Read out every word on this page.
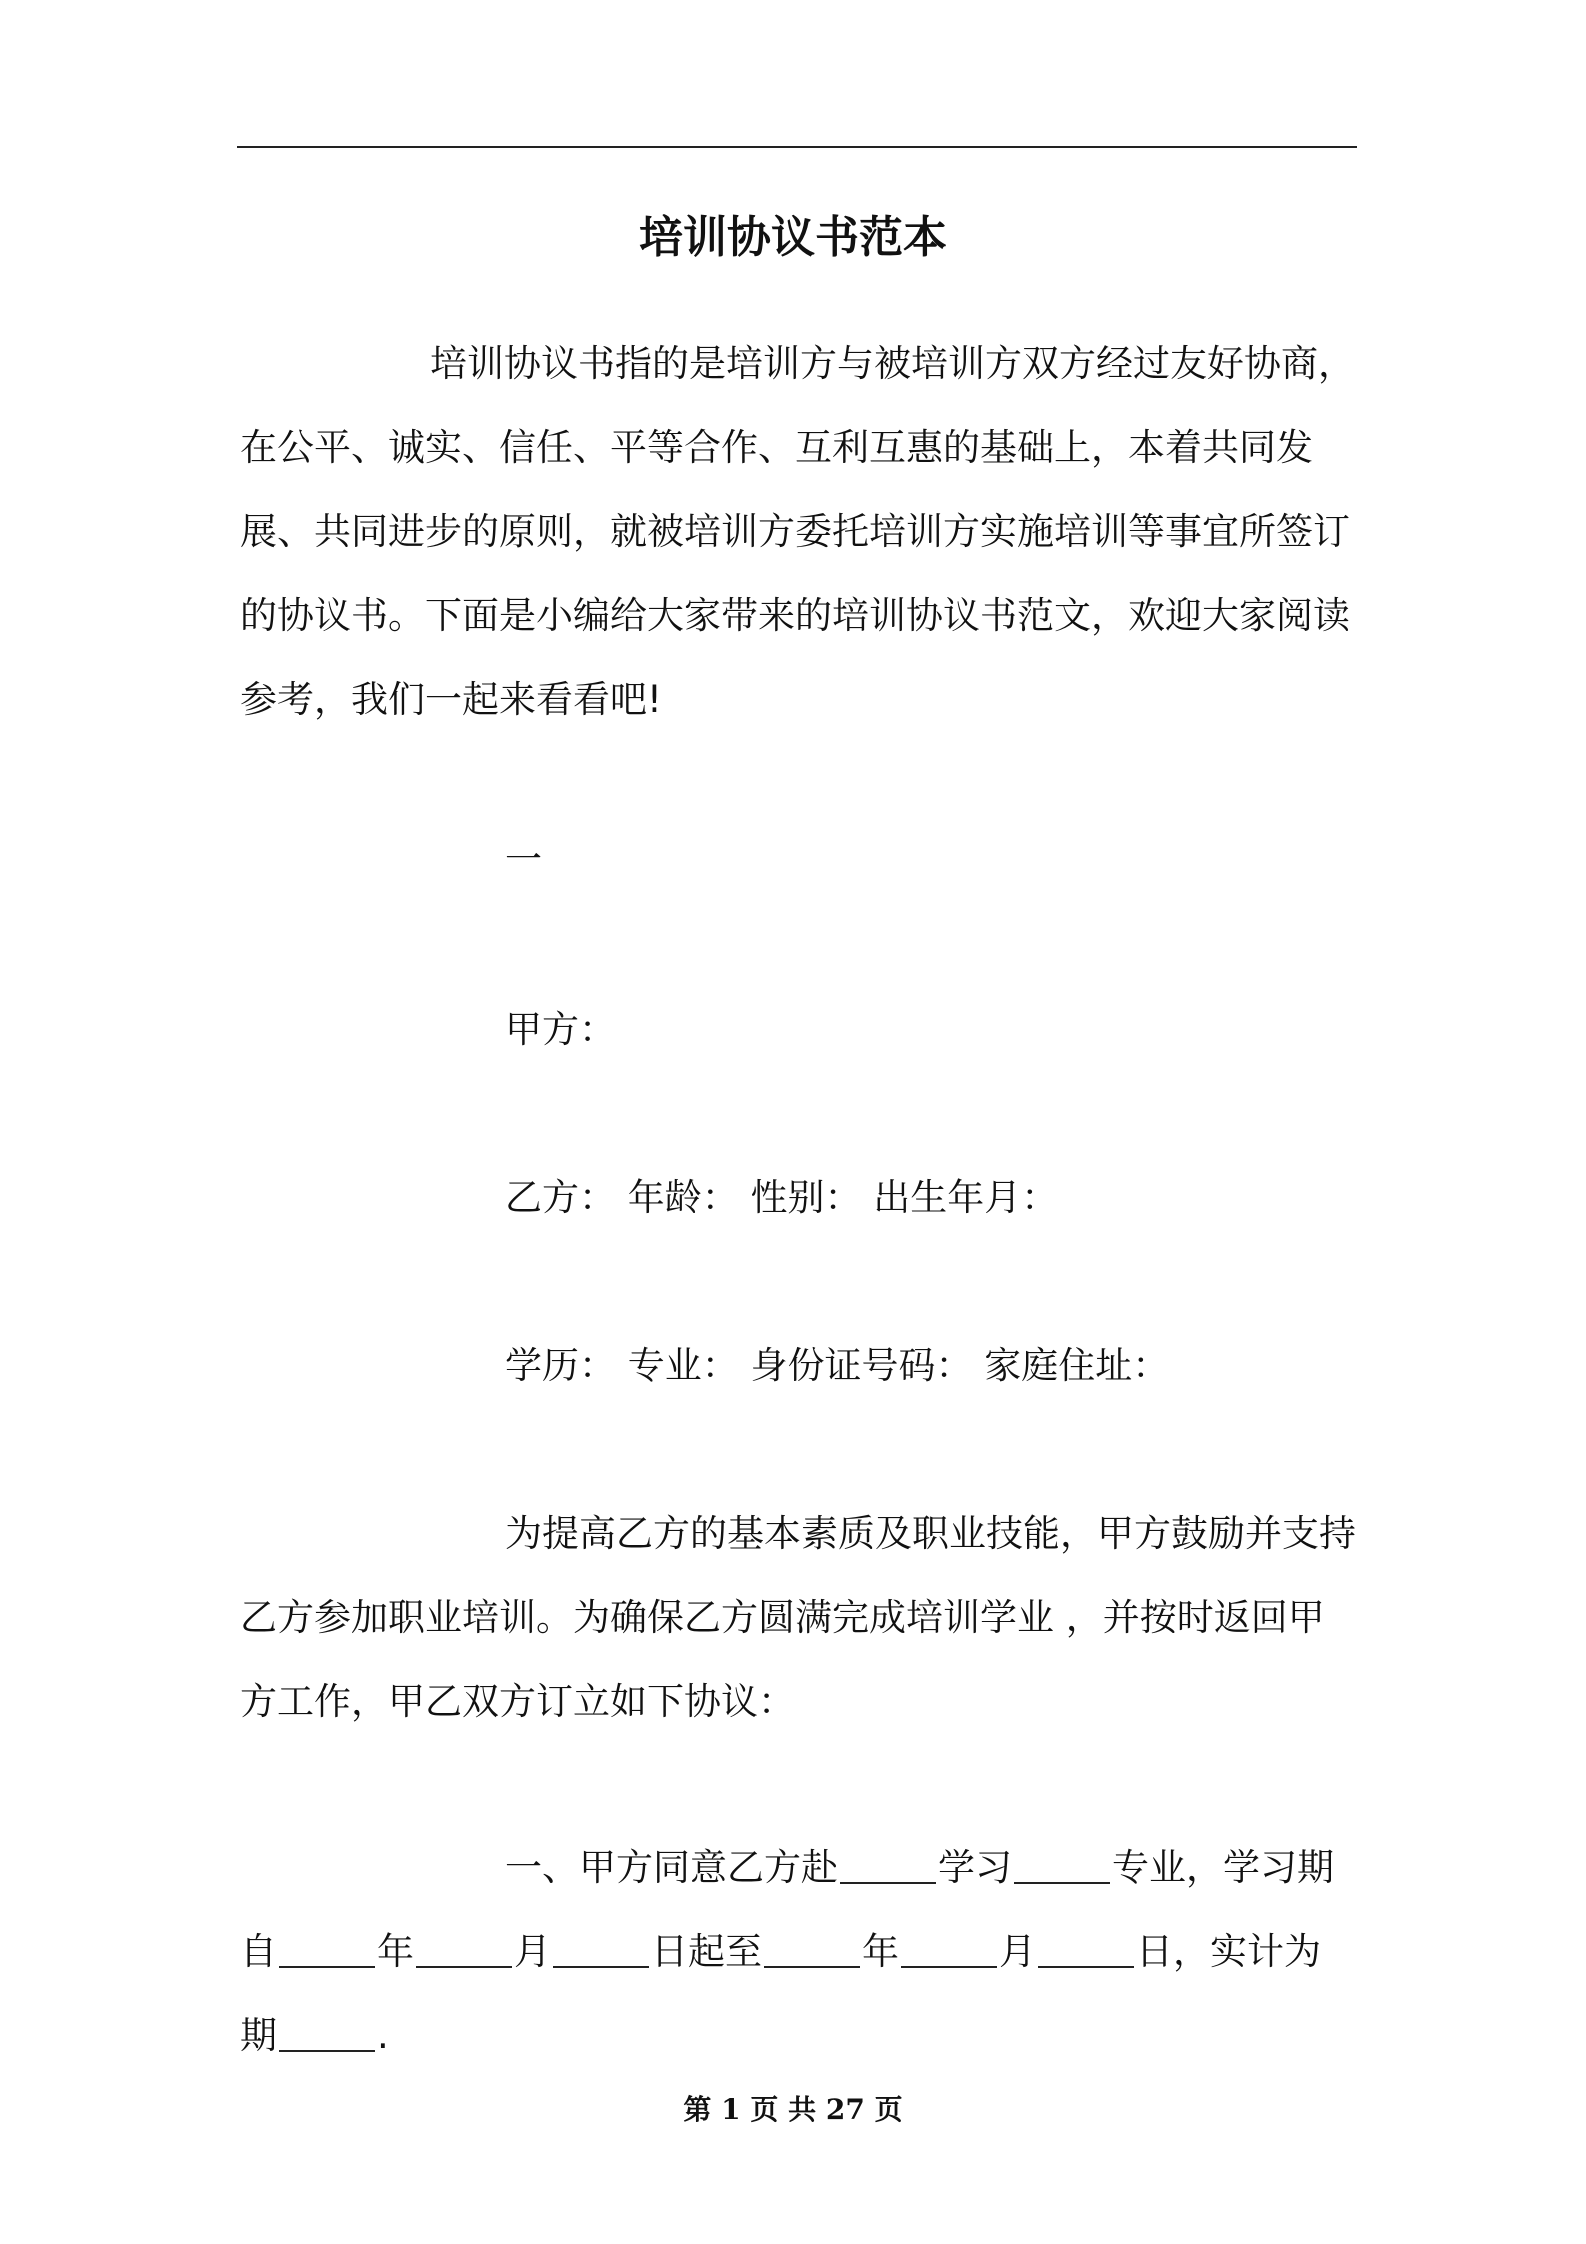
培训协议书范本

培训协议书指的是培训方与被培训方双方经过友好协商，在公平、诚实、信任、平等合作、互利互惠的基础上，本着共同发展、共同进步的原则，就被培训方委托培训方实施培训等事宜所签订的协议书。下面是小编给大家带来的培训协议书范文，欢迎大家阅读参考，我们一起来看看吧!

一
甲方：
乙方： 年龄： 性别： 出生年月：
学历： 专业： 身份证号码： 家庭住址：

为提高乙方的基本素质及职业技能，甲方鼓励并支持乙方参加职业培训。为确保乙方圆满完成培训学业 ，并按时返回甲方工作，甲乙双方订立如下协议：

一、甲方同意乙方赴	学习	专业，学习期
自	年	月	日起至	年	月	日，实计为
期	.
第 1 页 共 27 页
